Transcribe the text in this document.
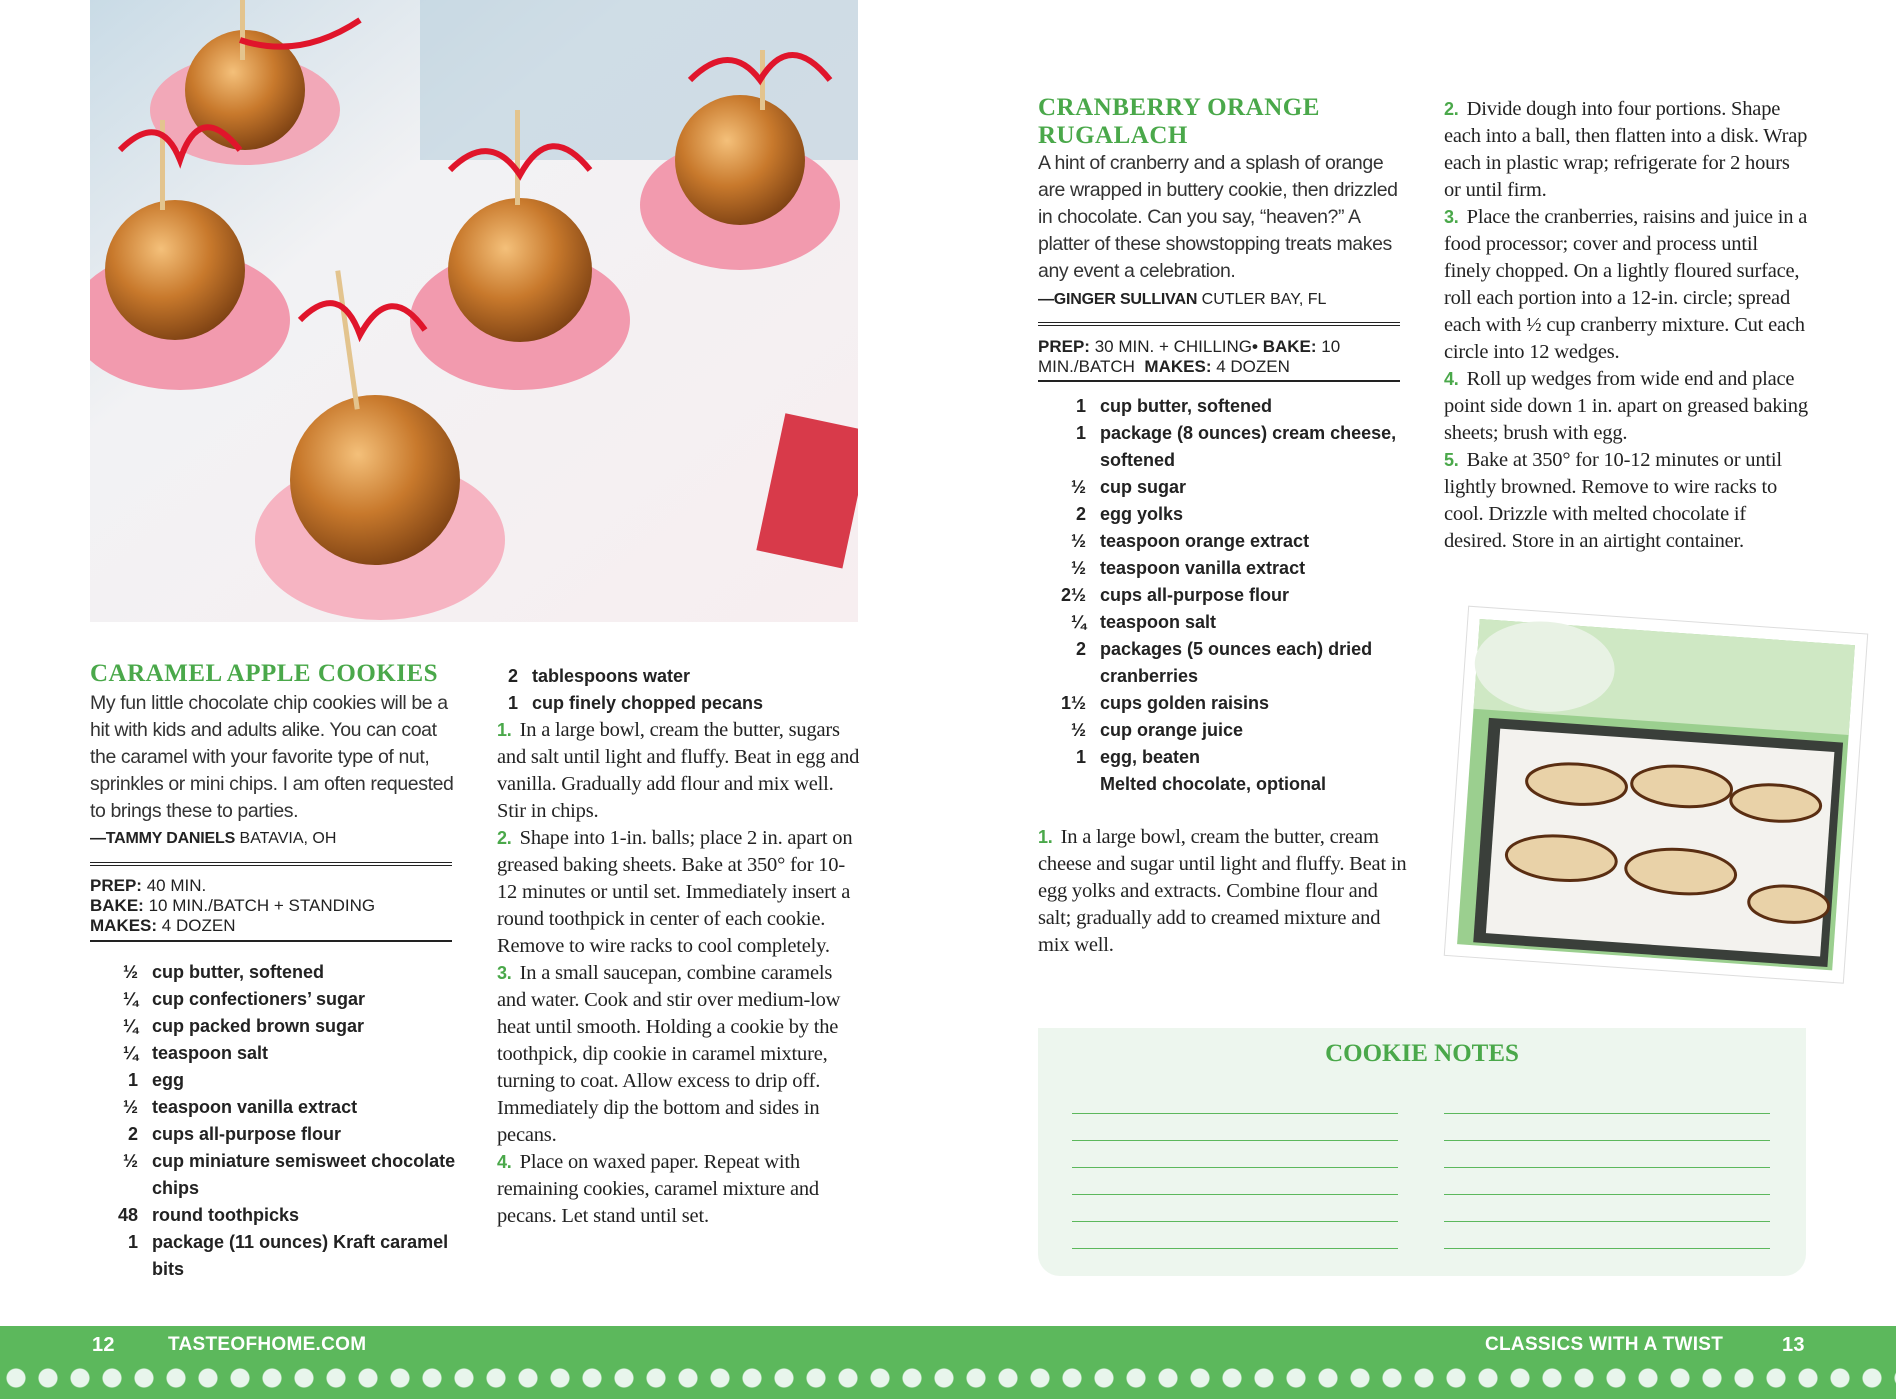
CARAMEL APPLE COOKIES
My fun little chocolate chip cookies will be a hit with kids and adults alike. You can coat the caramel with your favorite type of nut, sprinkles or mini chips. I am often requested to brings these to parties.
—TAMMY DANIELS BATAVIA, OH
PREP: 40 MIN.
BAKE: 10 MIN./BATCH + STANDING
MAKES: 4 DOZEN
½ cup butter, softened
¼ cup confectioners’ sugar
¼ cup packed brown sugar
¼ teaspoon salt
1 egg
½ teaspoon vanilla extract
2 cups all-purpose flour
½ cup miniature semisweet chocolate chips
48 round toothpicks
1 package (11 ounces) Kraft caramel bits
2 tablespoons water
1 cup finely chopped pecans
1. In a large bowl, cream the butter, sugars and salt until light and fluffy. Beat in egg and vanilla. Gradually add flour and mix well. Stir in chips.
2. Shape into 1-in. balls; place 2 in. apart on greased baking sheets. Bake at 350° for 10-12 minutes or until set. Immediately insert a round toothpick in center of each cookie. Remove to wire racks to cool completely.
3. In a small saucepan, combine caramels and water. Cook and stir over medium-low heat until smooth. Holding a cookie by the toothpick, dip cookie in caramel mixture, turning to coat. Allow excess to drip off. Immediately dip the bottom and sides in pecans.
4. Place on waxed paper. Repeat with remaining cookies, caramel mixture and pecans. Let stand until set.
CRANBERRY ORANGE
RUGALACH
A hint of cranberry and a splash of orange are wrapped in buttery cookie, then drizzled in chocolate. Can you say, “heaven?” A platter of these showstopping treats makes any event a celebration.
—GINGER SULLIVAN CUTLER BAY, FL
PREP: 30 MIN. + CHILLING• BAKE: 10 MIN./BATCH MAKES: 4 DOZEN
1 cup butter, softened
1 package (8 ounces) cream cheese, softened
½ cup sugar
2 egg yolks
½ teaspoon orange extract
½ teaspoon vanilla extract
2½ cups all-purpose flour
¼ teaspoon salt
2 packages (5 ounces each) dried cranberries
1½ cups golden raisins
½ cup orange juice
1 egg, beaten
Melted chocolate, optional
1. In a large bowl, cream the butter, cream cheese and sugar until light and fluffy. Beat in egg yolks and extracts. Combine flour and salt; gradually add to creamed mixture and mix well.
2. Divide dough into four portions. Shape each into a ball, then flatten into a disk. Wrap each in plastic wrap; refrigerate for 2 hours or until firm.
3. Place the cranberries, raisins and juice in a food processor; cover and process until finely chopped. On a lightly floured surface, roll each portion into a 12-in. circle; spread each with ½ cup cranberry mixture. Cut each circle into 12 wedges.
4. Roll up wedges from wide end and place point side down 1 in. apart on greased baking sheets; brush with egg.
5. Bake at 350° for 10-12 minutes or until lightly browned. Remove to wire racks to cool. Drizzle with melted chocolate if desired. Store in an airtight container.
COOKIE NOTES
12	TASTEOFHOME.COM	CLASSICS WITH A TWIST	13
